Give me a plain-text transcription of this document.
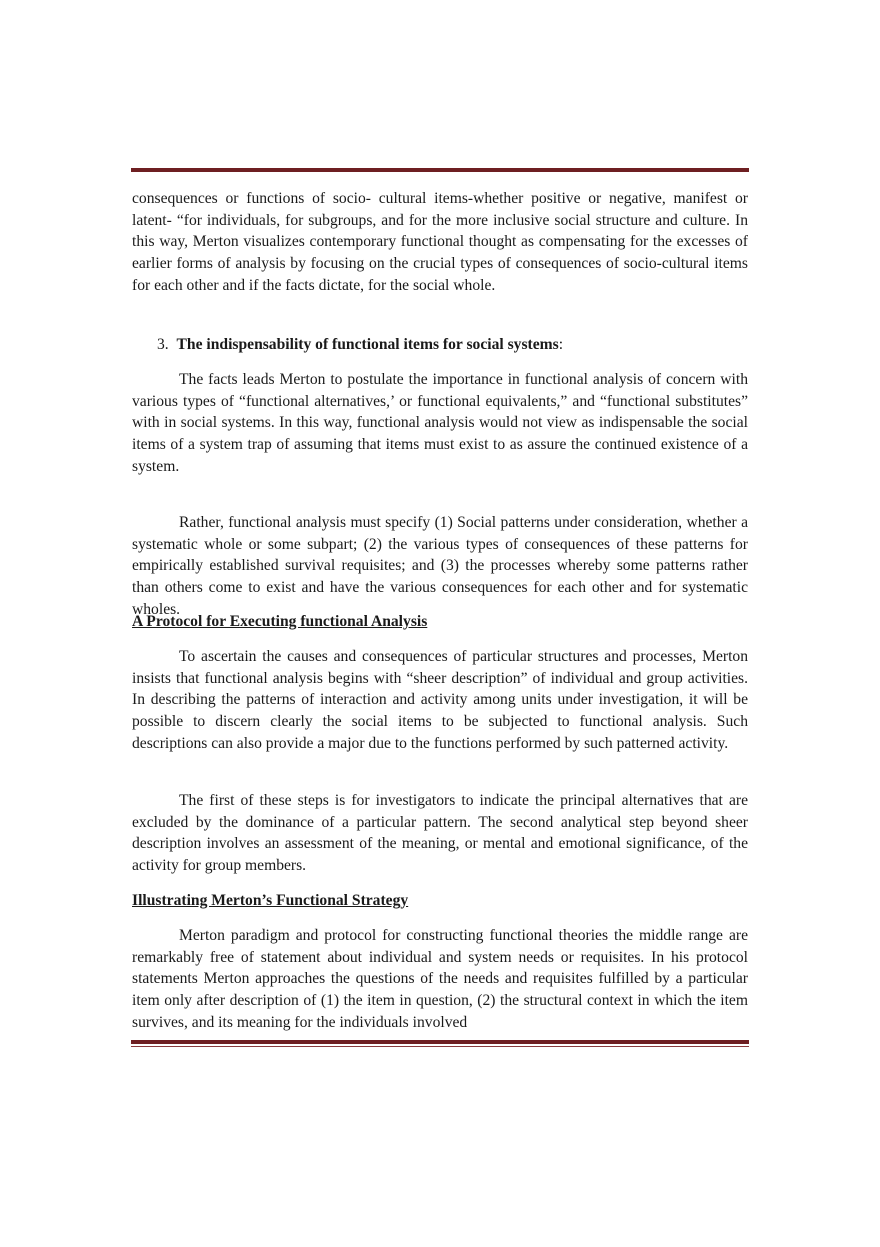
consequences or functions of socio- cultural items-whether positive or negative, manifest or latent- “for individuals, for subgroups, and for the more inclusive social structure and culture. In this way, Merton visualizes contemporary functional thought as compensating for the excesses of earlier forms of analysis by focusing on the crucial types of consequences of socio-cultural items for each other and if the facts dictate, for the social whole.

3. The indispensability of functional items for social systems:

The facts leads Merton to postulate the importance in functional analysis of concern with various types of “functional alternatives,’ or functional equivalents,” and “functional substitutes” with in social systems. In this way, functional analysis would not view as indispensable the social items of a system trap of assuming that items must exist to as assure the continued existence of a system.

Rather, functional analysis must specify (1) Social patterns under consideration, whether a systematic whole or some subpart; (2) the various types of consequences of these patterns for empirically established survival requisites; and (3) the processes whereby some patterns rather than others come to exist and have the various consequences for each other and for systematic wholes.

A Protocol for Executing functional Analysis

To ascertain the causes and consequences of particular structures and processes, Merton insists that functional analysis begins with “sheer description” of individual and group activities. In describing the patterns of interaction and activity among units under investigation, it will be possible to discern clearly the social items to be subjected to functional analysis. Such descriptions can also provide a major due to the functions performed by such patterned activity.

The first of these steps is for investigators to indicate the principal alternatives that are excluded by the dominance of a particular pattern. The second analytical step beyond sheer description involves an assessment of the meaning, or mental and emotional significance, of the activity for group members.

Illustrating Merton’s Functional Strategy

Merton paradigm and protocol for constructing functional theories the middle range are remarkably free of statement about individual and system needs or requisites. In his protocol statements Merton approaches the questions of the needs and requisites fulfilled by a particular item only after description of (1) the item in question, (2) the structural context in which the item survives, and its meaning for the individuals involved
